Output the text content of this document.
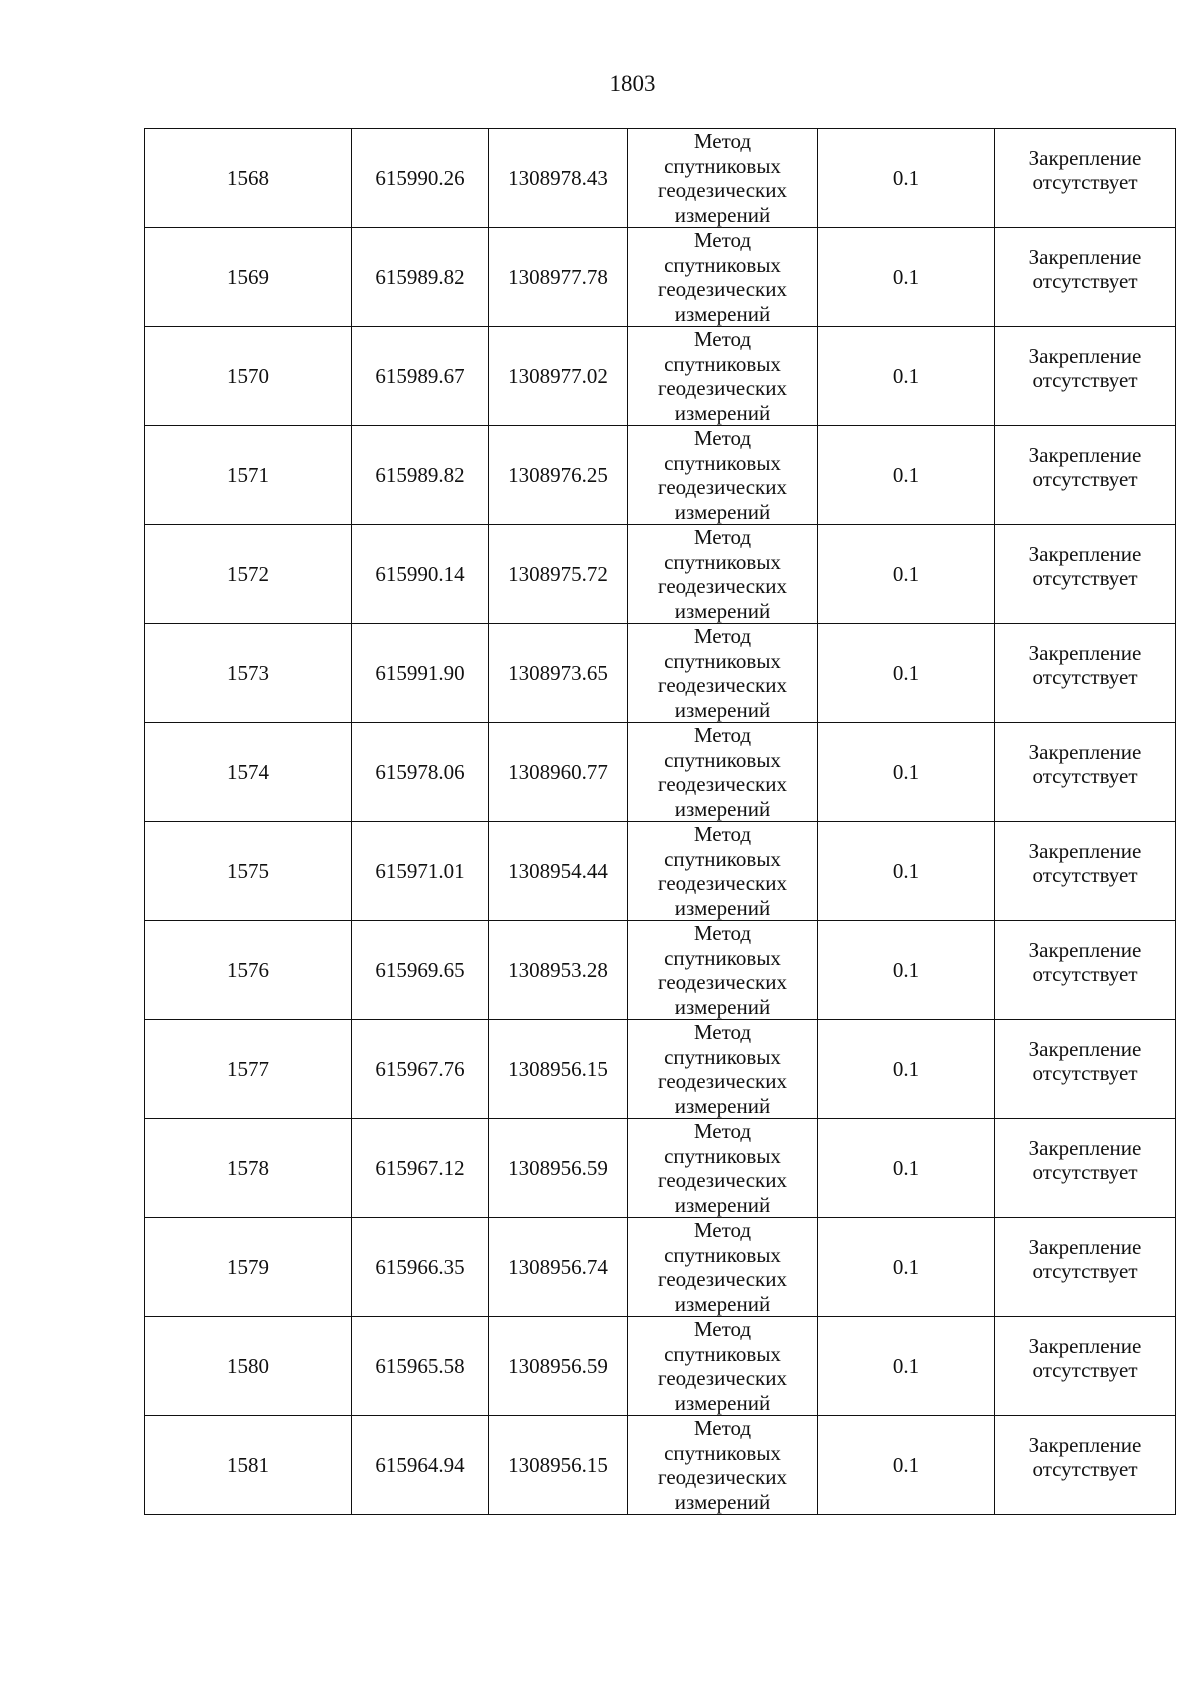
1803
1568	615990.26	1308978.43	Метод
спутниковых
геодезических
измерений	0.1	Закрепление
отсутствует

1569	615989.82	1308977.78	Метод
спутниковых
геодезических
измерений	0.1	Закрепление
отсутствует

1570	615989.67	1308977.02	Метод
спутниковых
геодезических
измерений	0.1	Закрепление
отсутствует

1571	615989.82	1308976.25	Метод
спутниковых
геодезических
измерений	0.1	Закрепление
отсутствует

1572	615990.14	1308975.72	Метод
спутниковых
геодезических
измерений	0.1	Закрепление
отсутствует

1573	615991.90	1308973.65	Метод
спутниковых
геодезических
измерений	0.1	Закрепление
отсутствует

1574	615978.06	1308960.77	Метод
спутниковых
геодезических
измерений	0.1	Закрепление
отсутствует

1575	615971.01	1308954.44	Метод
спутниковых
геодезических
измерений	0.1	Закрепление
отсутствует

1576	615969.65	1308953.28	Метод
спутниковых
геодезических
измерений	0.1	Закрепление
отсутствует

1577	615967.76	1308956.15	Метод
спутниковых
геодезических
измерений	0.1	Закрепление
отсутствует

1578	615967.12	1308956.59	Метод
спутниковых
геодезических
измерений	0.1	Закрепление
отсутствует

1579	615966.35	1308956.74	Метод
спутниковых
геодезических
измерений	0.1	Закрепление
отсутствует

1580	615965.58	1308956.59	Метод
спутниковых
геодезических
измерений	0.1	Закрепление
отсутствует

1581	615964.94	1308956.15	Метод
спутниковых
геодезических
измерений	0.1	Закрепление
отсутствует
